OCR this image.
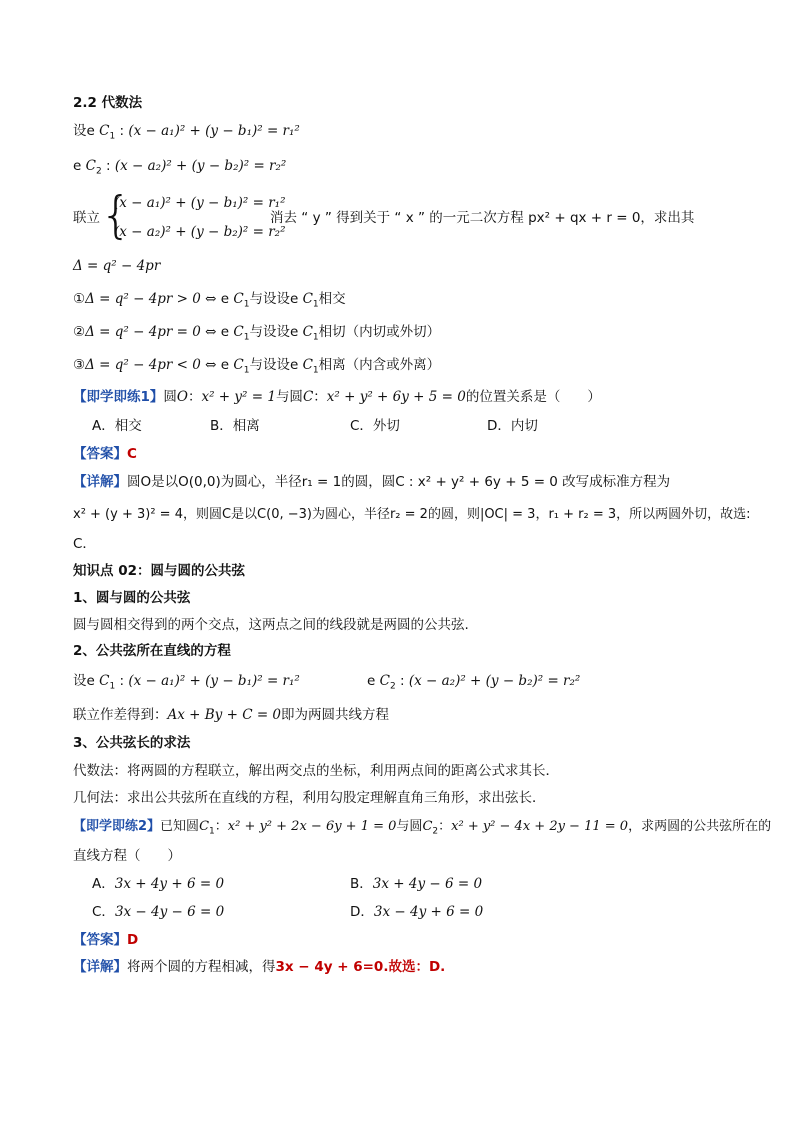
2.2 代数法
设e $C_1$ : (x − a₁)² + (y − b₁)² = r₁²
e $C_2$ : (x − a₂)² + (y − b₂)² = r₂²
联立 {
(x − a₁)² + (y − b₁)² = r₁²
(x − a₂)² + (y − b₂)² = r₂²
消去 “ y ” 得到关于 “ x ” 的一元二次方程 px² + qx + r = 0，求出其
Δ = q² − 4pr
①Δ = q² − 4pr > 0 ⇔ e $C_1$与设设e $C_1$相交
②Δ = q² − 4pr = 0 ⇔ e $C_1$与设设e $C_1$相切（内切或外切）
③Δ = q² − 4pr < 0 ⇔ e $C_1$与设设e $C_1$相离（内含或外离）
【即学即练1】圆O：x² + y² = 1与圆C：x² + y² + 6y + 5 = 0的位置关系是（　　）
A．相交	B．相离	C．外切	D．内切
【答案】C
【详解】圆O是以O(0,0)为圆心，半径r₁ = 1的圆，圆C : x² + y² + 6y + 5 = 0 改写成标准方程为
x² + (y + 3)² = 4，则圆C是以C(0, −3)为圆心，半径r₂ = 2的圆，则|OC| = 3，r₁ + r₂ = 3，所以两圆外切，故选:
C．
知识点 02：圆与圆的公共弦
1、圆与圆的公共弦
圆与圆相交得到的两个交点，这两点之间的线段就是两圆的公共弦.
2、公共弦所在直线的方程
设e $C_1$ : (x − a₁)² + (y − b₁)² = r₁²	e $C_2$ : (x − a₂)² + (y − b₂)² = r₂²
联立作差得到：Ax + By + C = 0即为两圆共线方程
3、公共弦长的求法
代数法：将两圆的方程联立，解出两交点的坐标，利用两点间的距离公式求其长．
几何法：求出公共弦所在直线的方程，利用勾股定理解直角三角形，求出弦长．
【即学即练2】已知圆$C_1$：x² + y² + 2x − 6y + 1 = 0与圆$C_2$：x² + y² − 4x + 2y − 11 = 0，求两圆的公共弦所在的
直线方程（　　）
A．3x + 4y + 6 = 0	B．3x + 4y − 6 = 0
C．3x − 4y − 6 = 0	D．3x − 4y + 6 = 0
【答案】D
【详解】将两个圆的方程相减，得3x − 4y + 6=0.故选：D.
